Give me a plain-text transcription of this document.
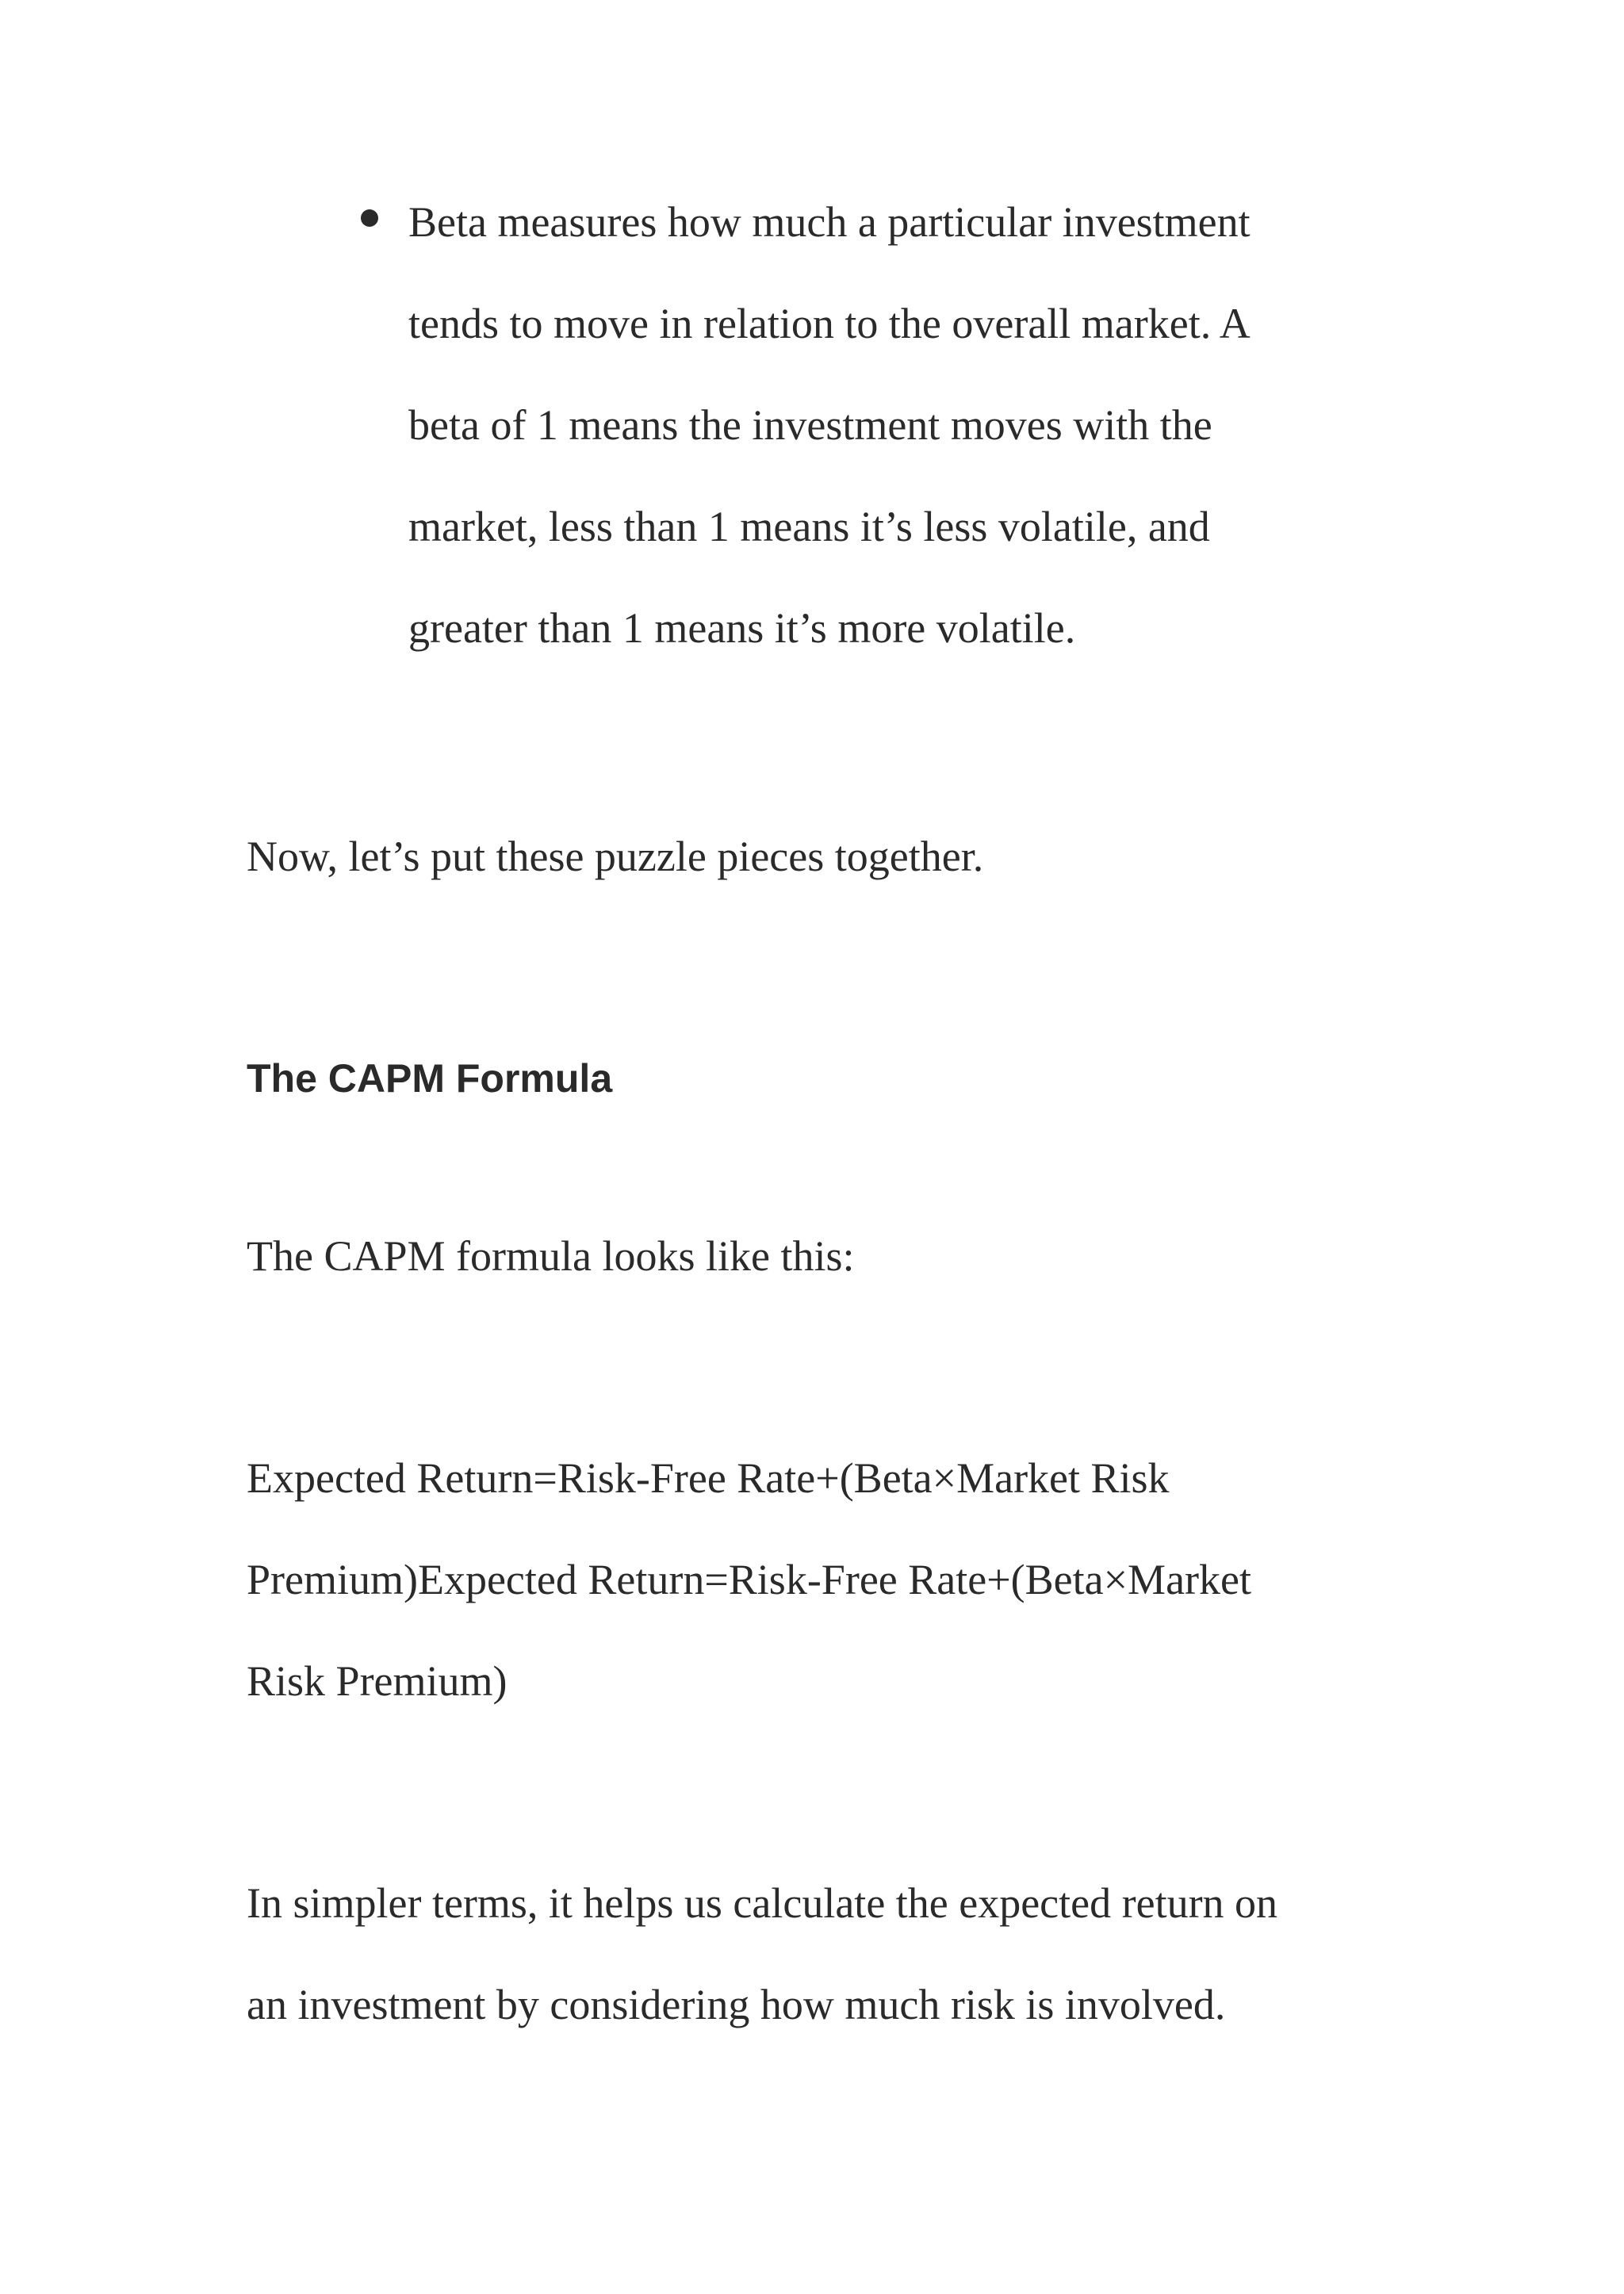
Beta measures how much a particular investment
tends to move in relation to the overall market. A
beta of 1 means the investment moves with the
market, less than 1 means it’s less volatile, and
greater than 1 means it’s more volatile.
Now, let’s put these puzzle pieces together.
The CAPM Formula
The CAPM formula looks like this:
Expected Return=Risk-Free Rate+(Beta×Market Risk
Premium)Expected Return=Risk-Free Rate+(Beta×Market
Risk Premium)
In simpler terms, it helps us calculate the expected return on
an investment by considering how much risk is involved.
